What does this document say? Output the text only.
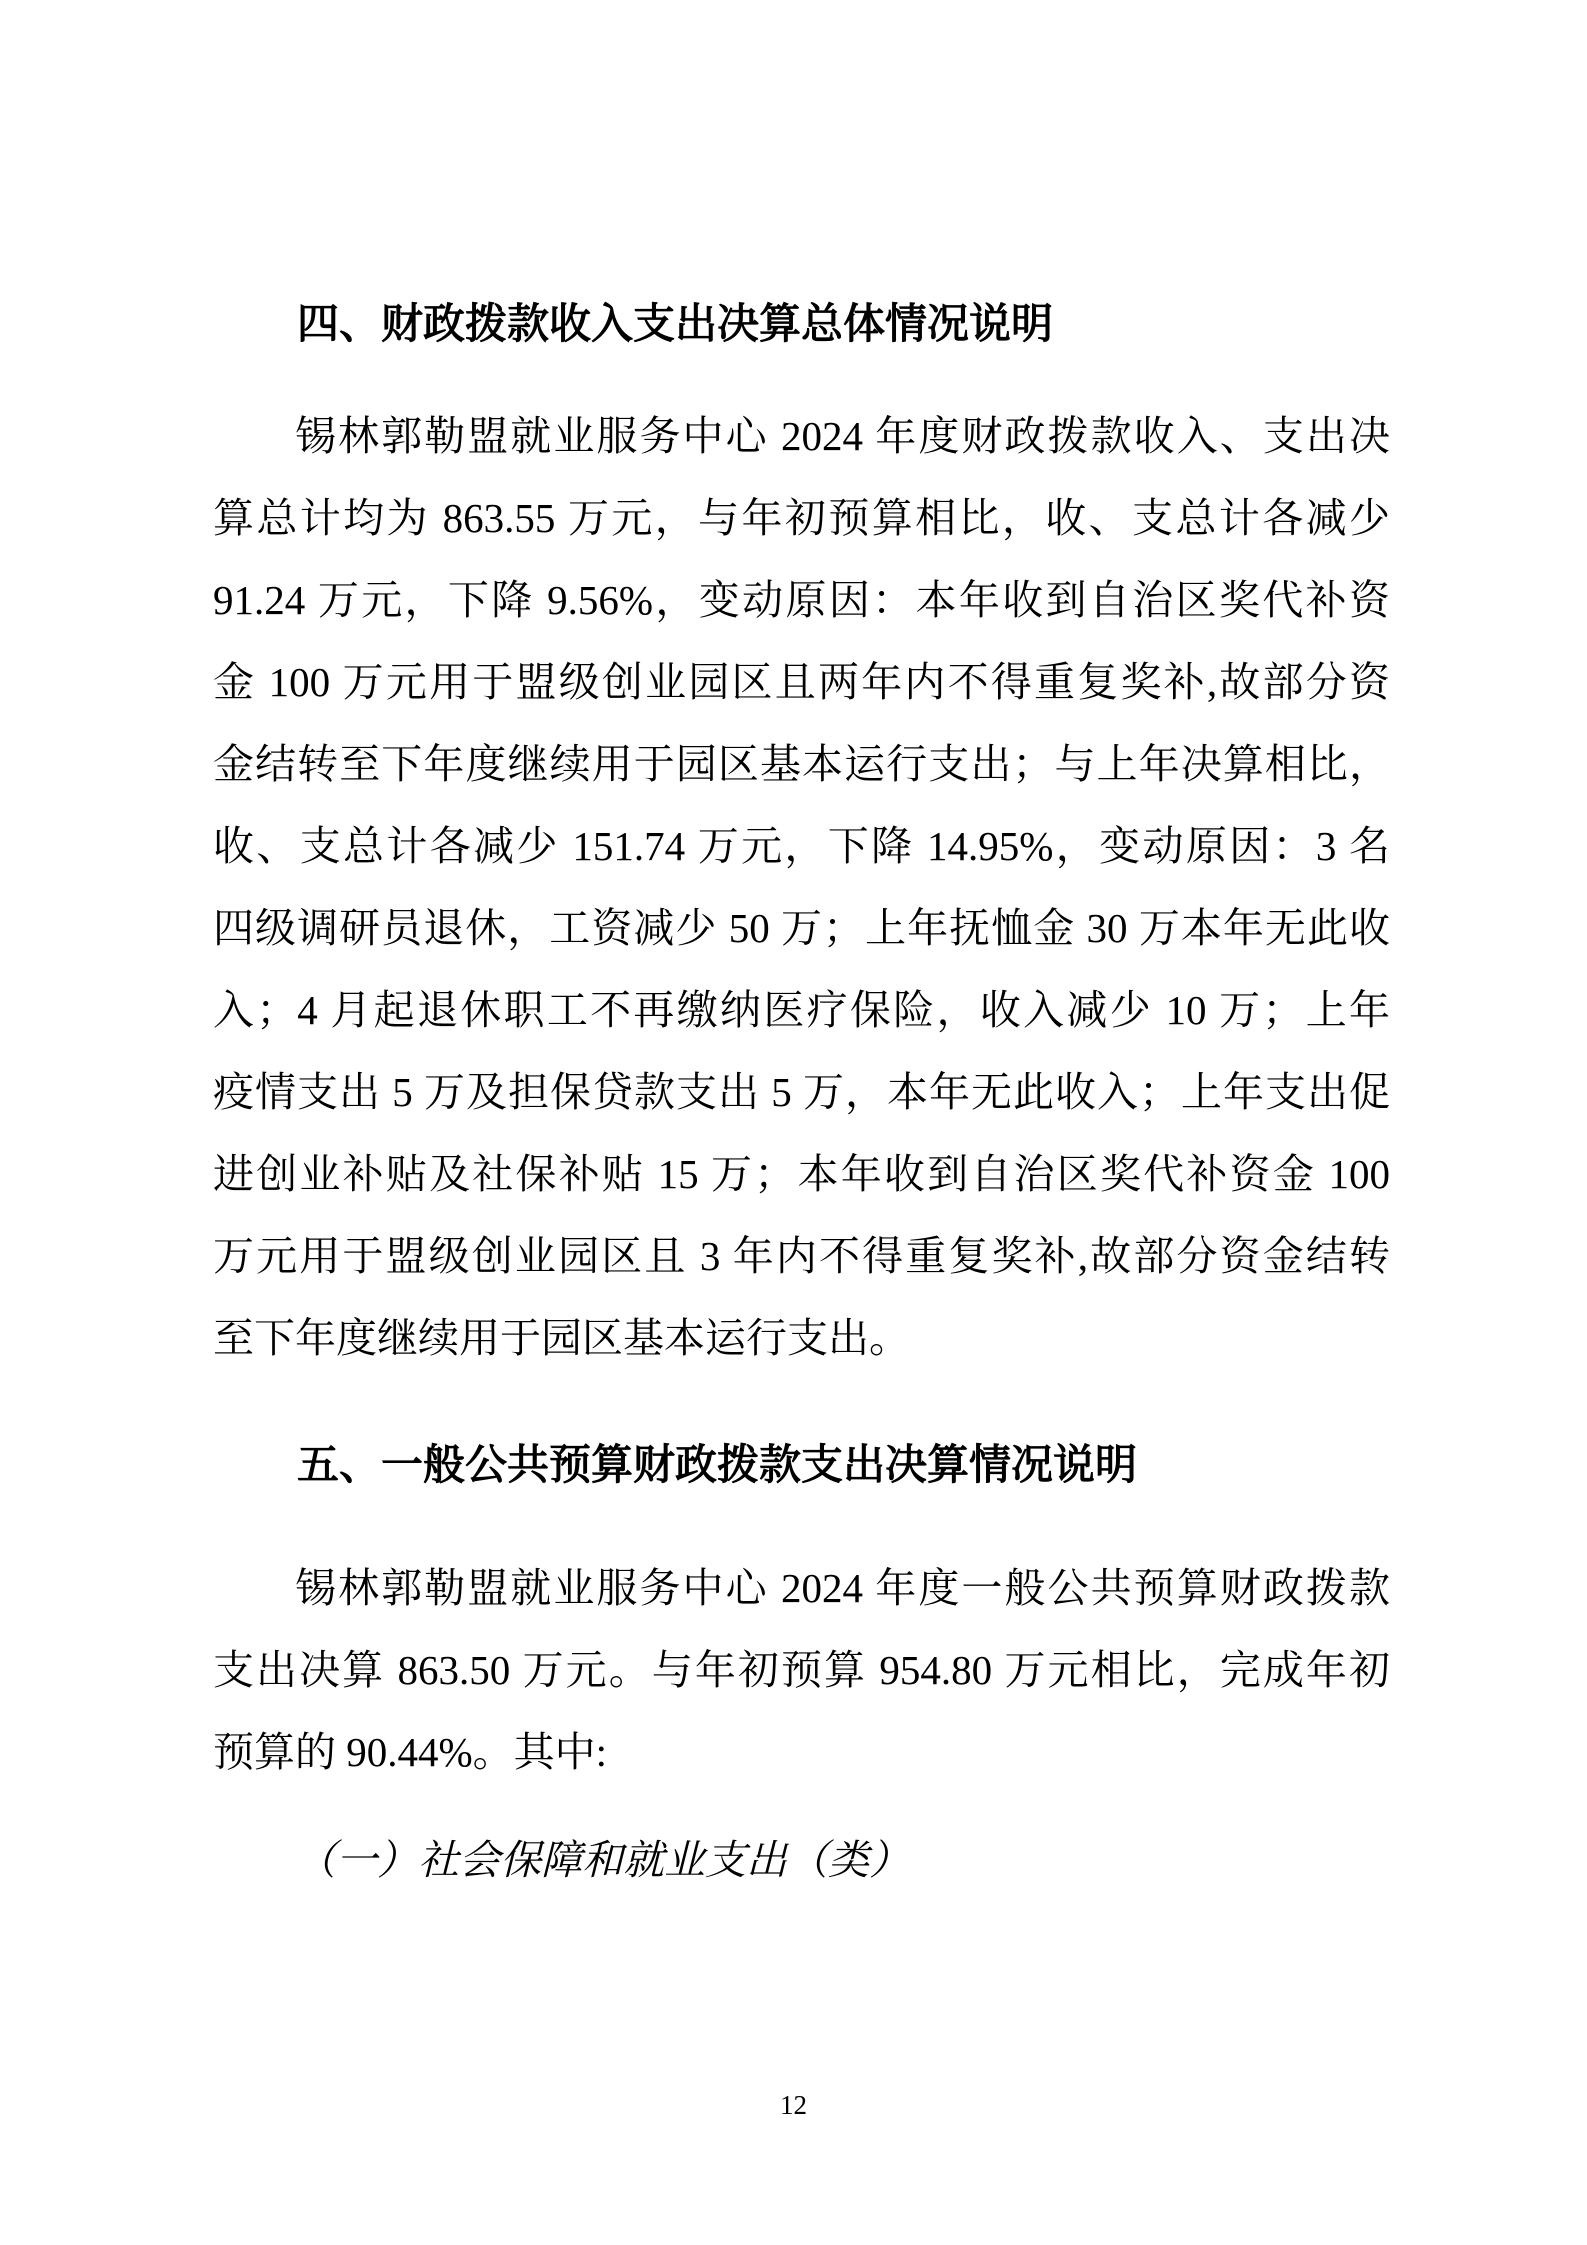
四、财政拨款收入支出决算总体情况说明
锡林郭勒盟就业服务中心 2024 年度财政拨款收入、支出决
算总计均为 863.55 万元，与年初预算相比，收、支总计各减少
91.24 万元，下降 9.56%，变动原因：本年收到自治区奖代补资
金 100 万元用于盟级创业园区且两年内不得重复奖补,故部分资
金结转至下年度继续用于园区基本运行支出；与上年决算相比，
收、支总计各减少 151.74 万元，下降 14.95%，变动原因：3 名
四级调研员退休，工资减少 50 万；上年抚恤金 30 万本年无此收
入；4 月起退休职工不再缴纳医疗保险，收入减少 10 万；上年
疫情支出 5 万及担保贷款支出 5 万，本年无此收入；上年支出促
进创业补贴及社保补贴 15 万；本年收到自治区奖代补资金 100
万元用于盟级创业园区且 3 年内不得重复奖补,故部分资金结转
至下年度继续用于园区基本运行支出。
五、一般公共预算财政拨款支出决算情况说明
锡林郭勒盟就业服务中心 2024 年度一般公共预算财政拨款
支出决算 863.50 万元。与年初预算 954.80 万元相比，完成年初
预算的 90.44%。其中:
（一）社会保障和就业支出（类）
12
